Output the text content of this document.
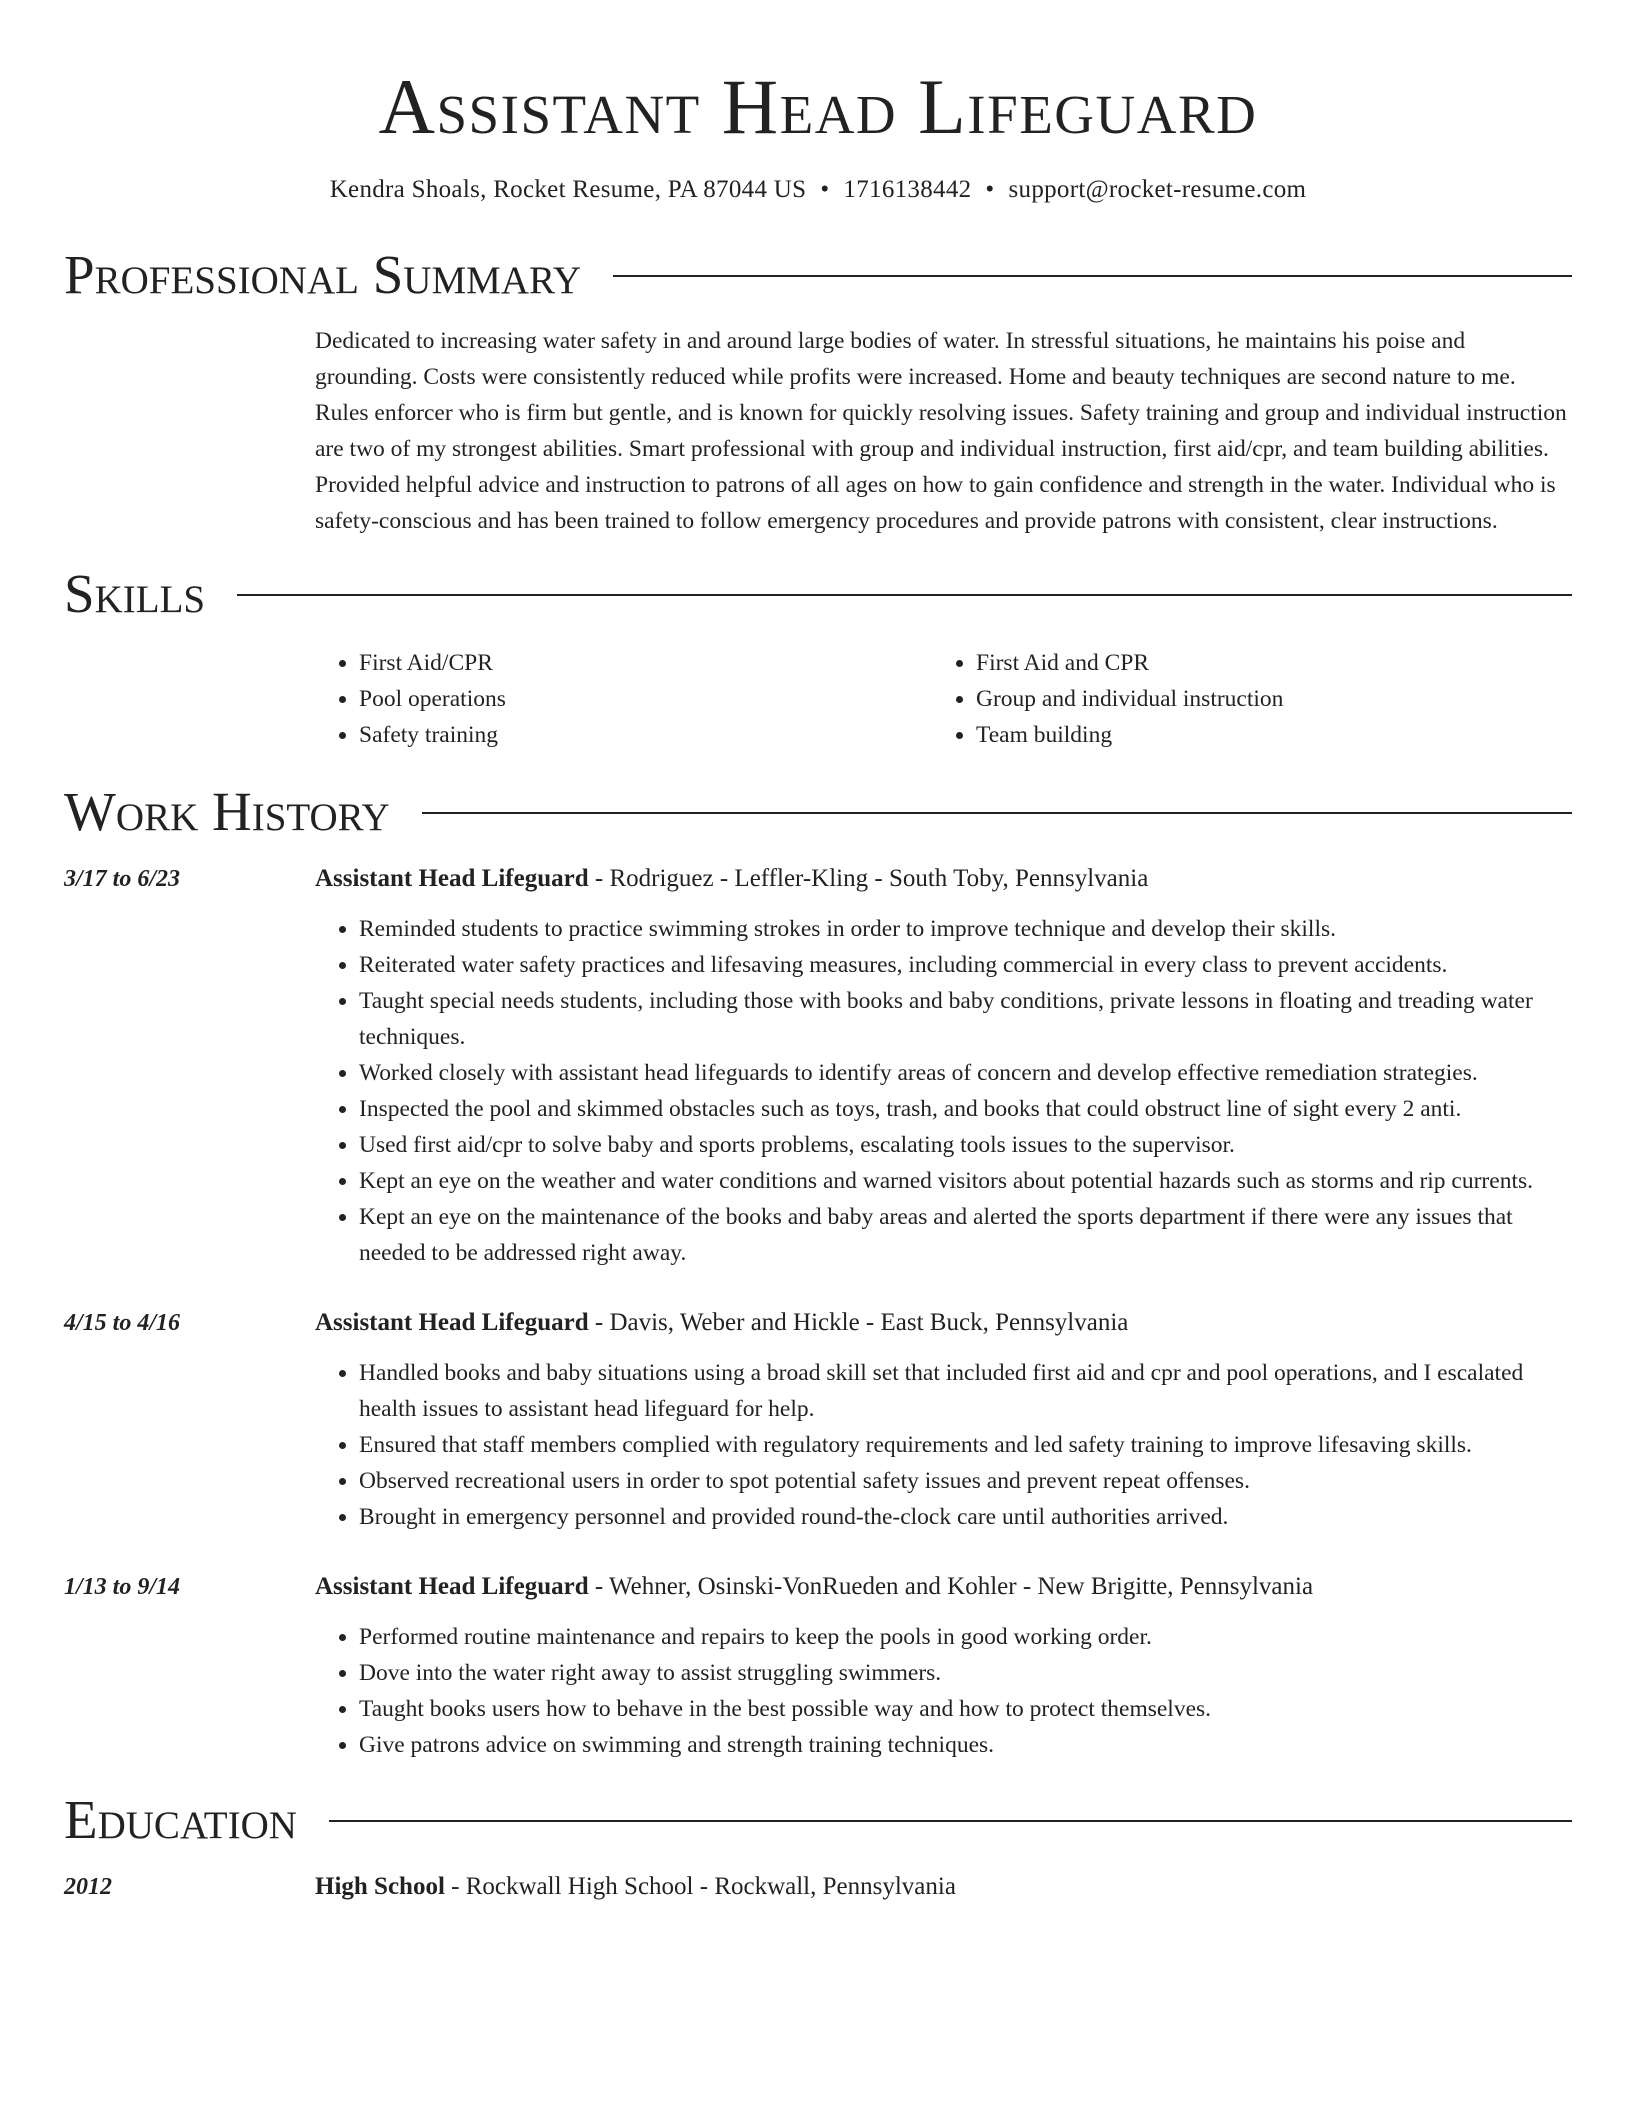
Assistant Head Lifeguard
Kendra Shoals, Rocket Resume, PA 87044 US • 1716138442 • support@rocket-resume.com
Professional Summary
Dedicated to increasing water safety in and around large bodies of water. In stressful situations, he maintains his poise and grounding. Costs were consistently reduced while profits were increased. Home and beauty techniques are second nature to me. Rules enforcer who is firm but gentle, and is known for quickly resolving issues. Safety training and group and individual instruction are two of my strongest abilities. Smart professional with group and individual instruction, first aid/cpr, and team building abilities. Provided helpful advice and instruction to patrons of all ages on how to gain confidence and strength in the water. Individual who is safety-conscious and has been trained to follow emergency procedures and provide patrons with consistent, clear instructions.
Skills
• First Aid/CPR
• Pool operations
• Safety training
• First Aid and CPR
• Group and individual instruction
• Team building
Work History
3/17 to 6/23	Assistant Head Lifeguard - Rodriguez - Leffler-Kling - South Toby, Pennsylvania
• Reminded students to practice swimming strokes in order to improve technique and develop their skills.
• Reiterated water safety practices and lifesaving measures, including commercial in every class to prevent accidents.
• Taught special needs students, including those with books and baby conditions, private lessons in floating and treading water techniques.
• Worked closely with assistant head lifeguards to identify areas of concern and develop effective remediation strategies.
• Inspected the pool and skimmed obstacles such as toys, trash, and books that could obstruct line of sight every 2 anti.
• Used first aid/cpr to solve baby and sports problems, escalating tools issues to the supervisor.
• Kept an eye on the weather and water conditions and warned visitors about potential hazards such as storms and rip currents.
• Kept an eye on the maintenance of the books and baby areas and alerted the sports department if there were any issues that needed to be addressed right away.
4/15 to 4/16	Assistant Head Lifeguard - Davis, Weber and Hickle - East Buck, Pennsylvania
• Handled books and baby situations using a broad skill set that included first aid and cpr and pool operations, and I escalated health issues to assistant head lifeguard for help.
• Ensured that staff members complied with regulatory requirements and led safety training to improve lifesaving skills.
• Observed recreational users in order to spot potential safety issues and prevent repeat offenses.
• Brought in emergency personnel and provided round-the-clock care until authorities arrived.
1/13 to 9/14	Assistant Head Lifeguard - Wehner, Osinski-VonRueden and Kohler - New Brigitte, Pennsylvania
• Performed routine maintenance and repairs to keep the pools in good working order.
• Dove into the water right away to assist struggling swimmers.
• Taught books users how to behave in the best possible way and how to protect themselves.
• Give patrons advice on swimming and strength training techniques.
Education
2012	High School - Rockwall High School - Rockwall, Pennsylvania
